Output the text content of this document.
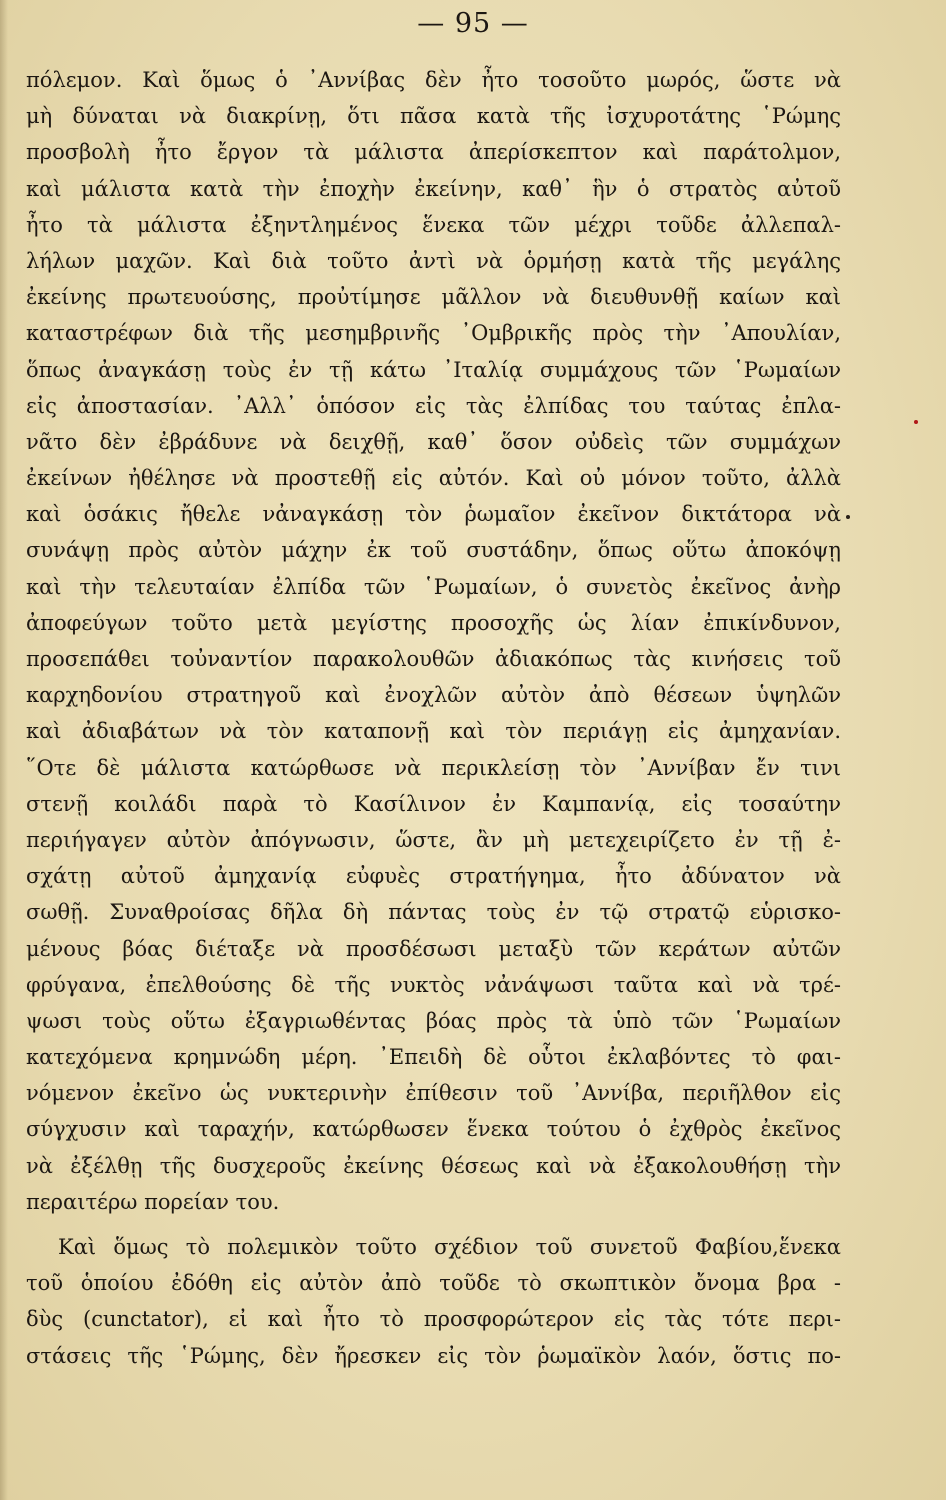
— 95 —
πόλεμον. Καὶ ὅμως ὁ ᾿Αννίβας δὲν ἦτο τοσοῦτο μωρός, ὥστε νὰ
μὴ δύναται νὰ διακρίνῃ, ὅτι πᾶσα κατὰ τῆς ἰσχυροτάτης ῾Ρώμης
προσβολὴ ἦτο ἔργον τὰ μάλιστα ἀπερίσκεπτον καὶ παράτολμον,
καὶ μάλιστα κατὰ τὴν ἐποχὴν ἐκείνην, καθ᾿ ἣν ὁ στρατὸς αὐτοῦ
ἦτο τὰ μάλιστα ἐξηντλημένος ἕνεκα τῶν μέχρι τοῦδε ἀλλεπαλ-
λήλων μαχῶν. Καὶ διὰ τοῦτο ἀντὶ νὰ ὁρμήσῃ κατὰ τῆς μεγάλης
ἐκείνης πρωτευούσης, προὐτίμησε μᾶλλον νὰ διευθυνθῇ καίων καὶ
καταστρέφων διὰ τῆς μεσημβρινῆς ᾿Ομβρικῆς πρὸς τὴν ᾿Απουλίαν,
ὅπως ἀναγκάσῃ τοὺς ἐν τῇ κάτω ᾿Ιταλίᾳ συμμάχους τῶν ῾Ρωμαίων
εἰς ἀποστασίαν. ᾿Αλλ᾿ ὁπόσον εἰς τὰς ἐλπίδας του ταύτας ἐπλα-
νᾶτο δὲν ἐβράδυνε νὰ δειχθῇ, καθ᾿ ὅσον οὐδεὶς τῶν συμμάχων
ἐκείνων ἠθέλησε νὰ προστεθῇ εἰς αὐτόν. Καὶ οὐ μόνον τοῦτο, ἀλλὰ
καὶ ὁσάκις ἤθελε νἀναγκάσῃ τὸν ῥωμαῖον ἐκεῖνον δικτάτορα νὰ
συνάψῃ πρὸς αὐτὸν μάχην ἐκ τοῦ συστάδην, ὅπως οὕτω ἀποκόψῃ
καὶ τὴν τελευταίαν ἐλπίδα τῶν ῾Ρωμαίων, ὁ συνετὸς ἐκεῖνος ἀνὴρ
ἀποφεύγων τοῦτο μετὰ μεγίστης προσοχῆς ὡς λίαν ἐπικίνδυνον,
προσεπάθει τοὐναντίον παρακολουθῶν ἀδιακόπως τὰς κινήσεις τοῦ
καρχηδονίου στρατηγοῦ καὶ ἐνοχλῶν αὐτὸν ἀπὸ θέσεων ὑψηλῶν
καὶ ἀδιαβάτων νὰ τὸν καταπονῇ καὶ τὸν περιάγῃ εἰς ἀμηχανίαν.
῞Οτε δὲ μάλιστα κατώρθωσε νὰ περικλείσῃ τὸν ᾿Αννίβαν ἔν τινι
στενῇ κοιλάδι παρὰ τὸ Κασίλινον ἐν Καμπανίᾳ, εἰς τοσαύτην
περιήγαγεν αὐτὸν ἀπόγνωσιν, ὥστε, ἂν μὴ μετεχειρίζετο ἐν τῇ ἐ-
σχάτῃ αὐτοῦ ἀμηχανίᾳ εὐφυὲς στρατήγημα, ἦτο ἀδύνατον νὰ
σωθῇ. Συναθροίσας δῆλα δὴ πάντας τοὺς ἐν τῷ στρατῷ εὑρισκο-
μένους βόας διέταξε νὰ προσδέσωσι μεταξὺ τῶν κεράτων αὐτῶν
φρύγανα, ἐπελθούσης δὲ τῆς νυκτὸς νἀνάψωσι ταῦτα καὶ νὰ τρέ-
ψωσι τοὺς οὕτω ἐξαγριωθέντας βόας πρὸς τὰ ὑπὸ τῶν ῾Ρωμαίων
κατεχόμενα κρημνώδη μέρη. ᾿Επειδὴ δὲ οὗτοι ἐκλαβόντες τὸ φαι-
νόμενον ἐκεῖνο ὡς νυκτερινὴν ἐπίθεσιν τοῦ ᾿Αννίβα, περιῆλθον εἰς
σύγχυσιν καὶ ταραχήν, κατώρθωσεν ἕνεκα τούτου ὁ ἐχθρὸς ἐκεῖνος
νὰ ἐξέλθῃ τῆς δυσχεροῦς ἐκείνης θέσεως καὶ νὰ ἐξακολουθήσῃ τὴν
περαιτέρω πορείαν του.
Καὶ ὅμως τὸ πολεμικὸν τοῦτο σχέδιον τοῦ συνετοῦ Φαβίου,ἕνεκα
τοῦ ὁποίου ἐδόθη εἰς αὐτὸν ἀπὸ τοῦδε τὸ σκωπτικὸν ὄνομα βρα -
δὺς (cunctator), εἰ καὶ ἦτο τὸ προσφορώτερον εἰς τὰς τότε περι-
στάσεις τῆς ῾Ρώμης, δὲν ἤρεσκεν εἰς τὸν ῥωμαϊκὸν λαόν, ὅστις πο-
